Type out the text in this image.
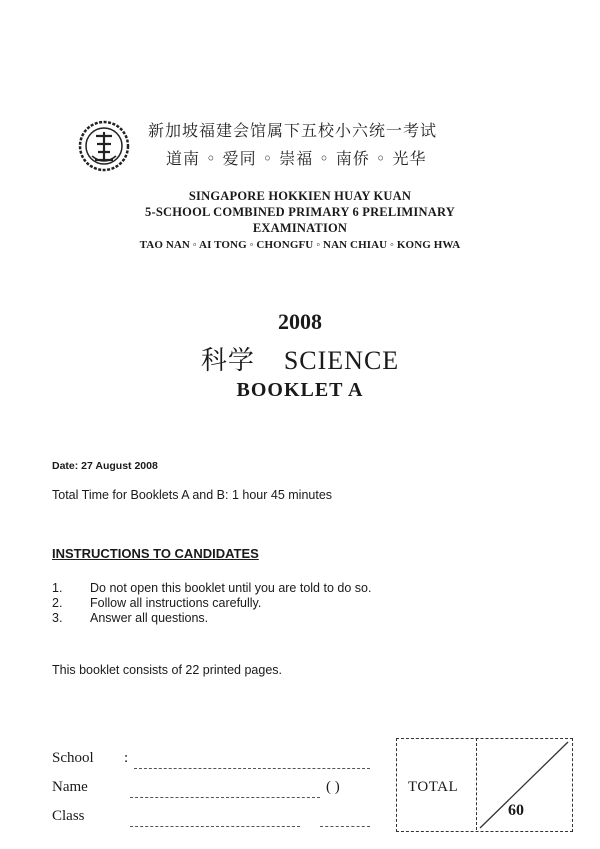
新加坡福建会馆属下五校小六统一考试
道南 ◦ 爱同 ◦ 崇福 ◦ 南侨 ◦ 光华
SINGAPORE HOKKIEN HUAY KUAN
5-SCHOOL COMBINED PRIMARY 6 PRELIMINARY
EXAMINATION
TAO NAN ◦ AI TONG ◦ CHONGFU ◦ NAN CHIAU ◦ KONG HWA
2008
科学 SCIENCE
BOOKLET A
Date: 27 August 2008
Total Time for Booklets A and B: 1 hour 45 minutes
INSTRUCTIONS TO CANDIDATES
1.	Do not open this booklet until you are told to do so.
2.	Follow all instructions carefully.
3.	Answer all questions.
This booklet consists of 22 printed pages.
School :
Name	( )
Class
TOTAL
60
